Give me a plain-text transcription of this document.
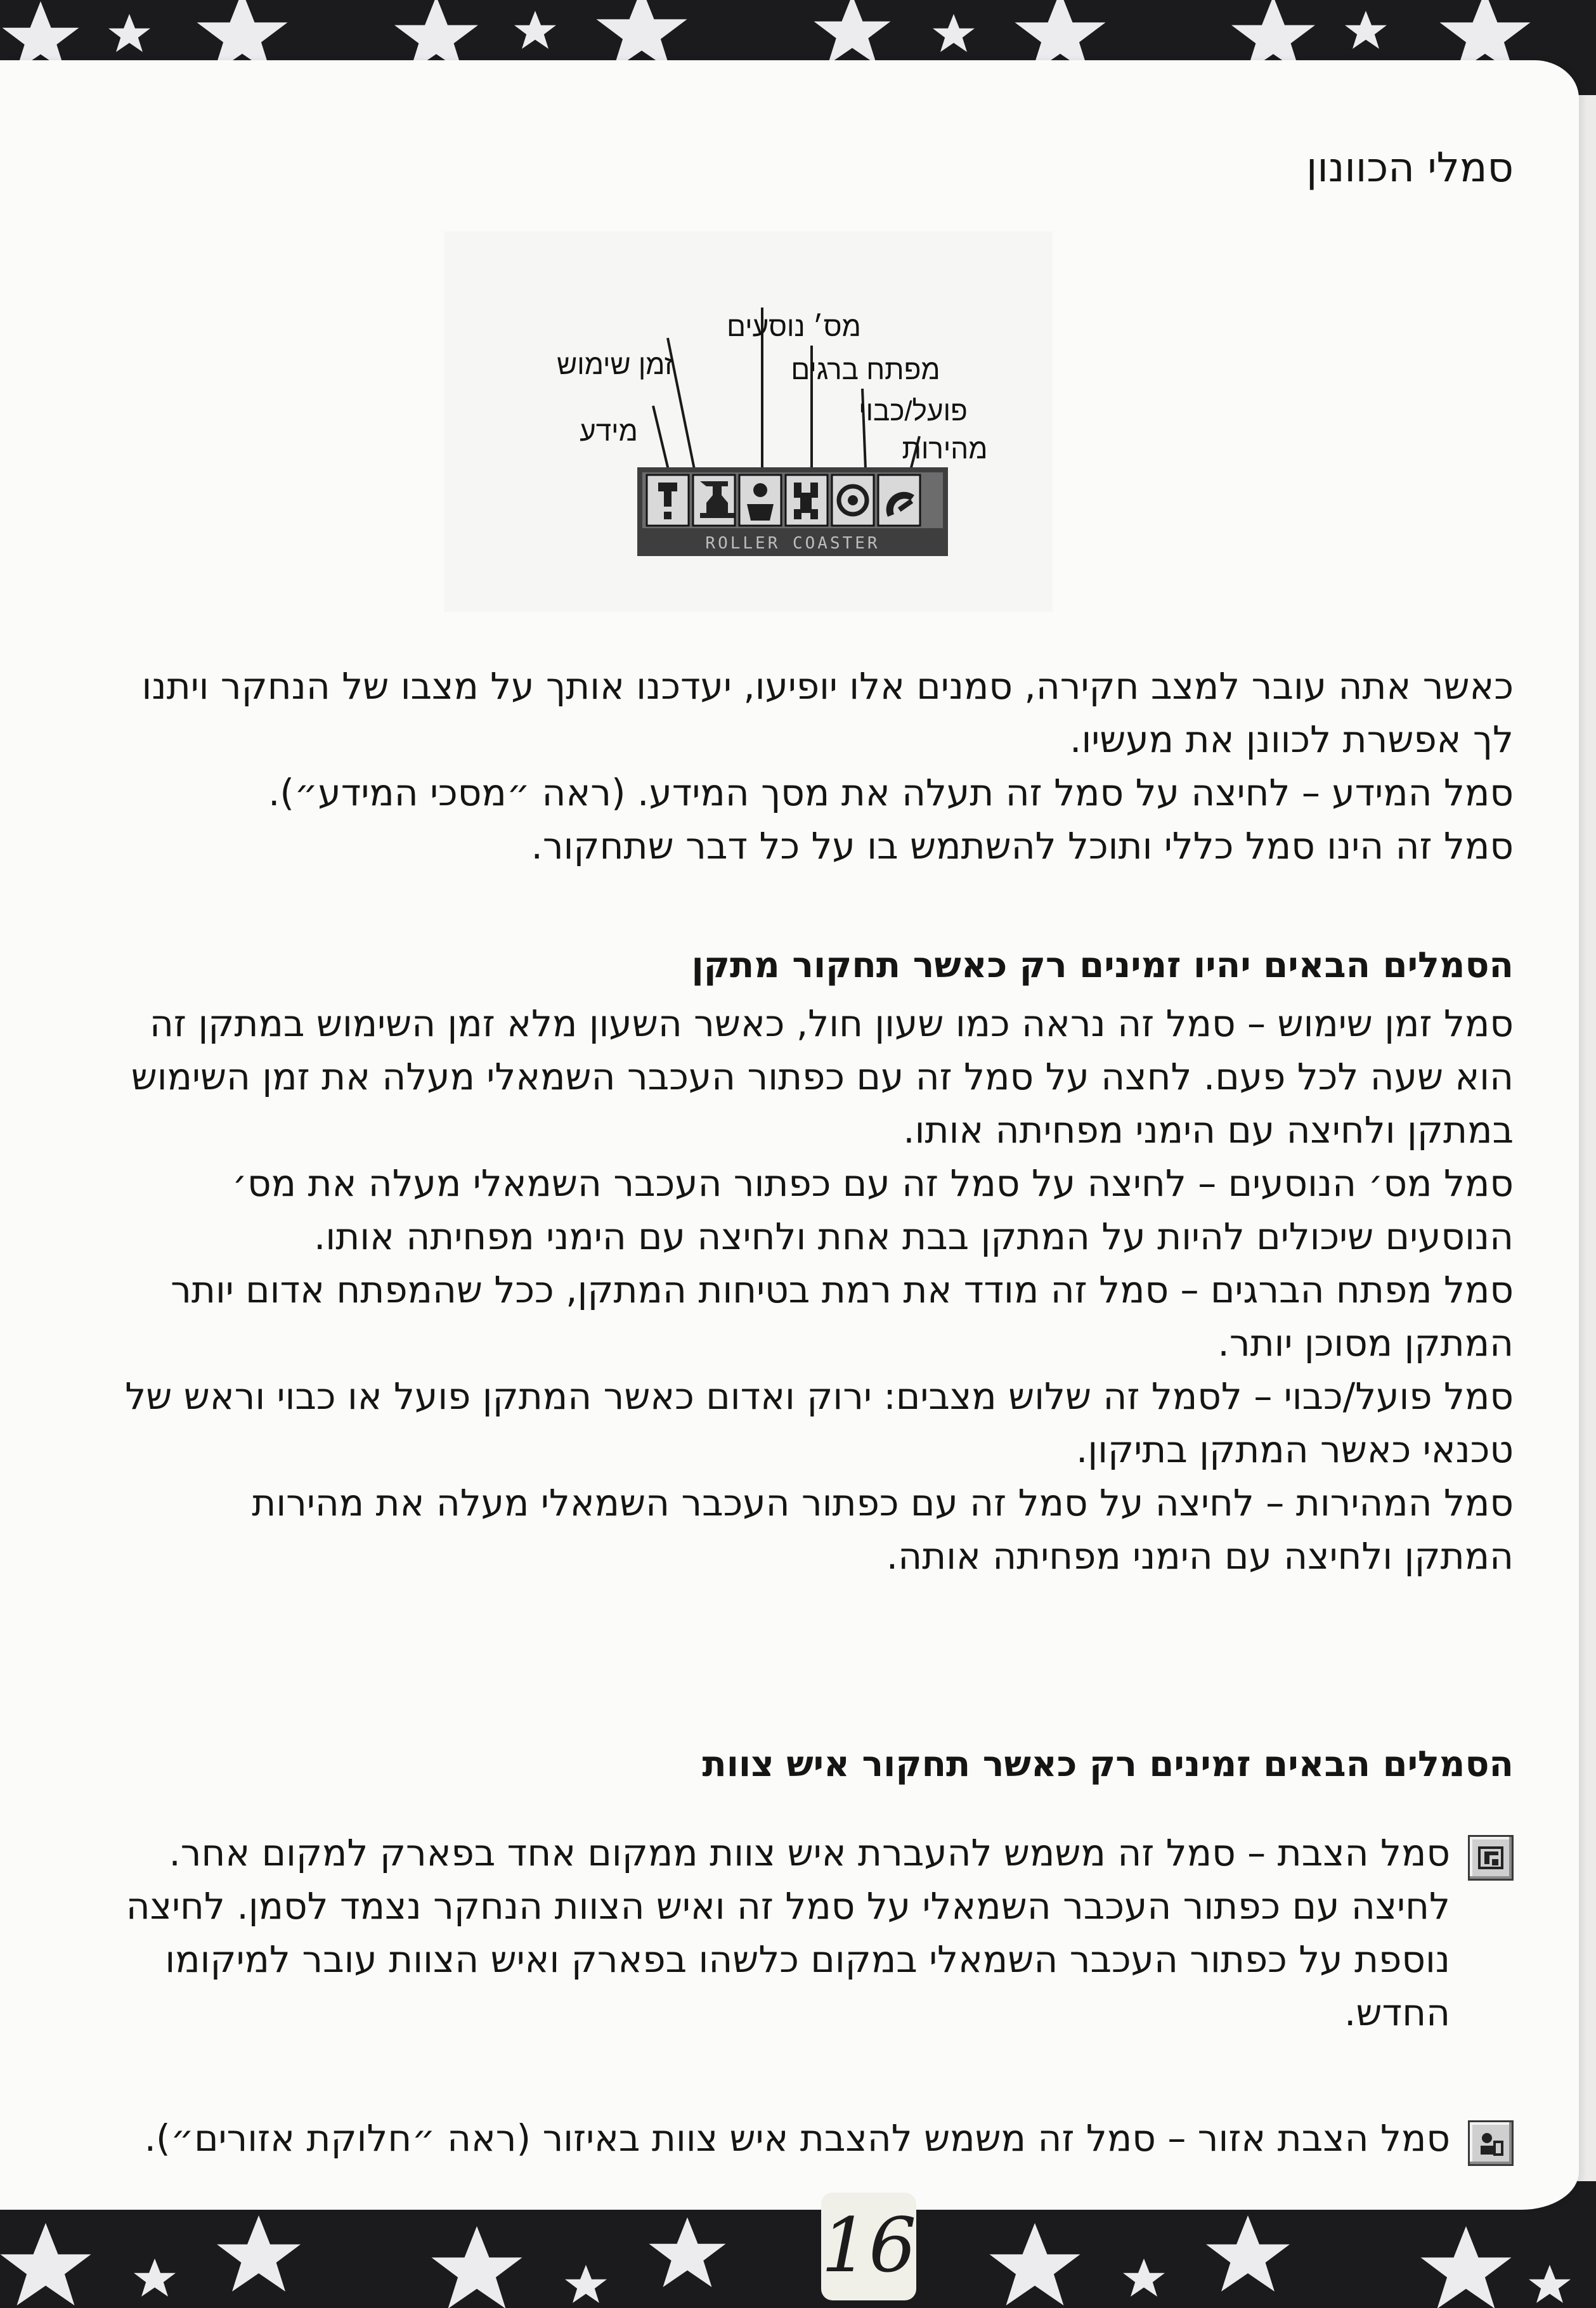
סמלי הכוונון
מס׳ נוסעים
זמן שימוש	מפתח ברגים
פועל/כבוי
מידע
מהירות
ROLLER COASTER

כאשר אתה עובר למצב חקירה, סמנים אלו יופיעו, יעדכנו אותך על מצבו של הנחקר ויתנו

לך אפשרת לכוונן את מעשיו.

סמל המידע – לחיצה על סמל זה תעלה את מסך המידע. (ראה ״מסכי המידע״).

סמל זה הינו סמל כללי ותוכל להשתמש בו על כל דבר שתחקור.

הסמלים הבאים יהיו זמינים רק כאשר תחקור מתקן

סמל זמן שימוש – סמל זה נראה כמו שעון חול, כאשר השעון מלא זמן השימוש במתקן זה

הוא שעה לכל פעם. לחצה על סמל זה עם כפתור העכבר השמאלי מעלה את זמן השימוש

במתקן ולחיצה עם הימני מפחיתה אותו.

סמל מס׳ הנוסעים – לחיצה על סמל זה עם כפתור העכבר השמאלי מעלה את מס׳

הנוסעים שיכולים להיות על המתקן בבת אחת ולחיצה עם הימני מפחיתה אותו.

סמל מפתח הברגים – סמל זה מודד את רמת בטיחות המתקן, ככל שהמפתח אדום יותר

המתקן מסוכן יותר.

סמל פועל/כבוי – לסמל זה שלוש מצבים: ירוק ואדום כאשר המתקן פועל או כבוי וראש של

טכנאי כאשר המתקן בתיקון.

סמל המהירות – לחיצה על סמל זה עם כפתור העכבר השמאלי מעלה את מהירות

המתקן ולחיצה עם הימני מפחיתה אותה.

הסמלים הבאים זמינים רק כאשר תחקור איש צוות

סמל הצבת – סמל זה משמש להעברת איש צוות ממקום אחד בפארק למקום אחר.

לחיצה עם כפתור העכבר השמאלי על סמל זה ואיש הצוות הנחקר נצמד לסמן. לחיצה

נוספת על כפתור העכבר השמאלי במקום כלשהו בפארק ואיש הצוות עובר למיקומו

החדש.

סמל הצבת אזור – סמל זה משמש להצבת איש צוות באיזור (ראה ״חלוקת אזורים״).

16
